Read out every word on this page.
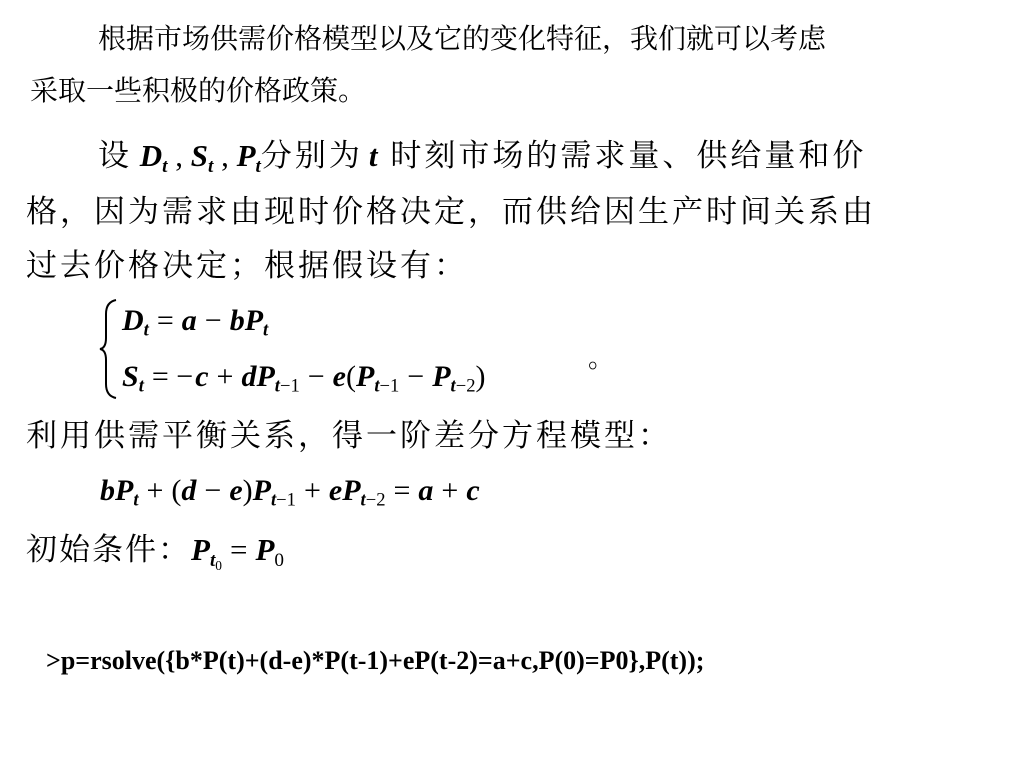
根据市场供需价格模型以及它的变化特征，我们就可以考虑
采取一些积极的价格政策。
设 $D_t$ , $S_t$ , $P_t$分别为 t 时刻市场的需求量、供给量和价
格，因为需求由现时价格决定，而供给因生产时间关系由
过去价格决定；根据假设有：
$D_t = a - bP_t$
$S_t = -c + dP_{t-1} - e(P_{t-1} - P_{t-2})$
。
利用供需平衡关系，得一阶差分方程模型：
$bP_t + (d - e)P_{t-1} + eP_{t-2} = a + c$
初始条件：$P_{t_0} = P_0$
>p=rsolve({b*P(t)+(d-e)*P(t-1)+eP(t-2)=a+c,P(0)=P0},P(t));
